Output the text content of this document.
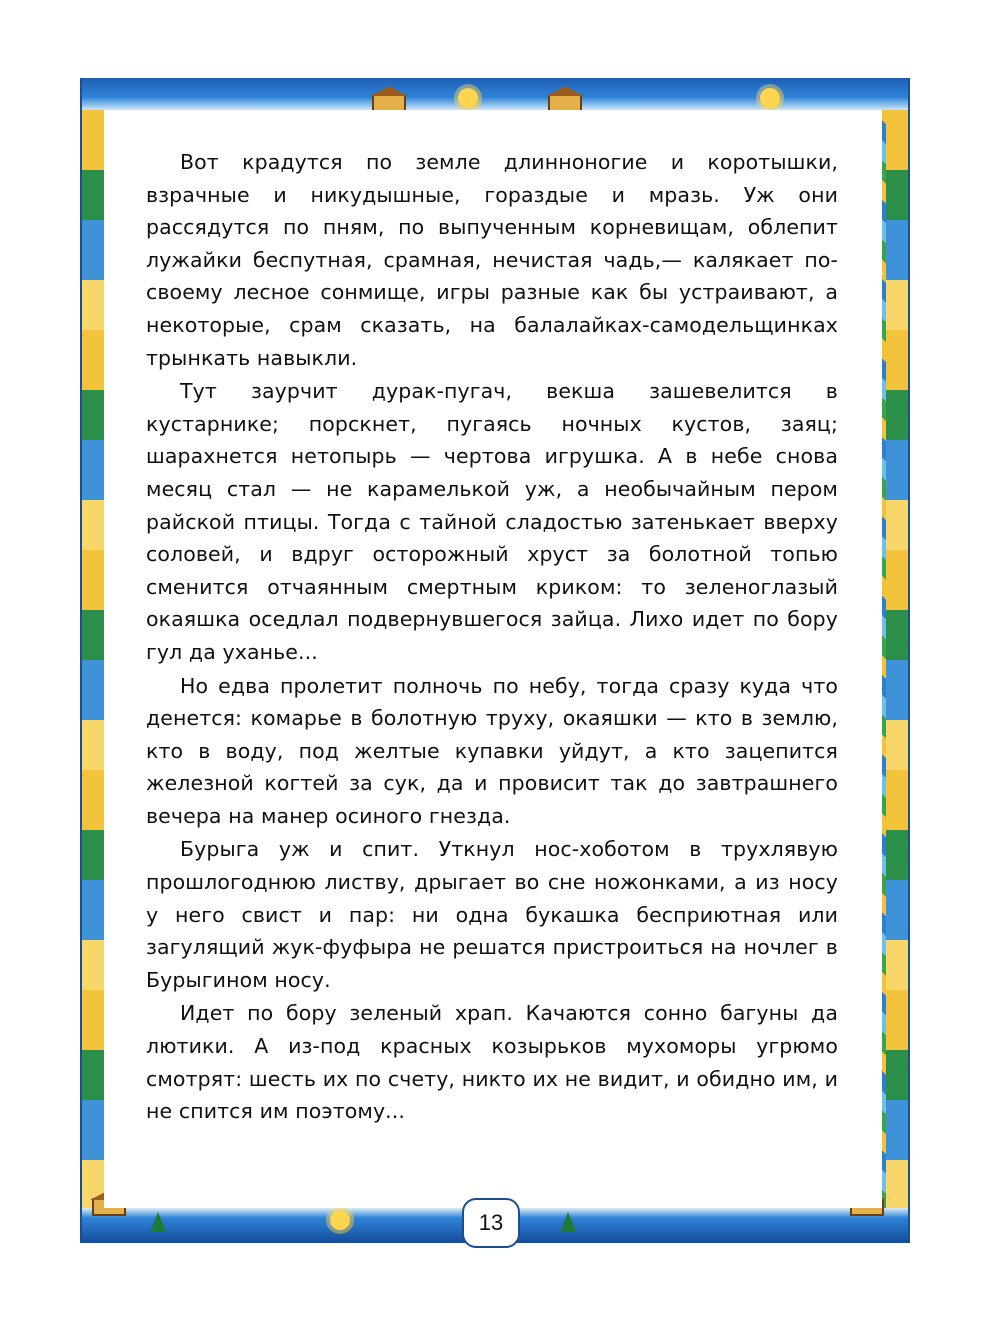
Вот крадутся по земле длинноногие и коротышки, взрачные и никудышные, гораздые и мразь. Уж они рассядутся по пням, по выпученным корневищам, облепит лужайки беспутная, срамная, нечистая чадь,— калякает по-своему лесное сонмище, игры разные как бы устраивают, а некоторые, срам сказать, на балалайках-самодельщинках трынкать навыкли.

Тут заурчит дурак-пугач, векша зашевелится в кустарнике; порскнет, пугаясь ночных кустов, заяц; шарахнется нетопырь — чертова игрушка. А в небе снова месяц стал — не карамелькой уж, а необычайным пером райской птицы. Тогда с тайной сладостью затенькает вверху соловей, и вдруг осторожный хруст за болотной топью сменится отчаянным смертным криком: то зеленоглазый окаяшка оседлал подвернувшегося зайца. Лихо идет по бору гул да уханье...

Но едва пролетит полночь по небу, тогда сразу куда что денется: комарье в болотную труху, окаяшки — кто в землю, кто в воду, под желтые купавки уйдут, а кто зацепится железной когтей за сук, да и провисит так до завтрашнего вечера на манер осиного гнезда.

Бурыга уж и спит. Уткнул нос-хоботом в трухлявую прошлогоднюю листву, дрыгает во сне ножонками, а из носу у него свист и пар: ни одна букашка бесприютная или загулящий жук-фуфыра не решатся пристроиться на ночлег в Бурыгином носу.

Идет по бору зеленый храп. Качаются сонно багуны да лютики. А из-под красных козырьков мухоморы угрюмо смотрят: шесть их по счету, никто их не видит, и обидно им, и не спится им поэтому...

13
